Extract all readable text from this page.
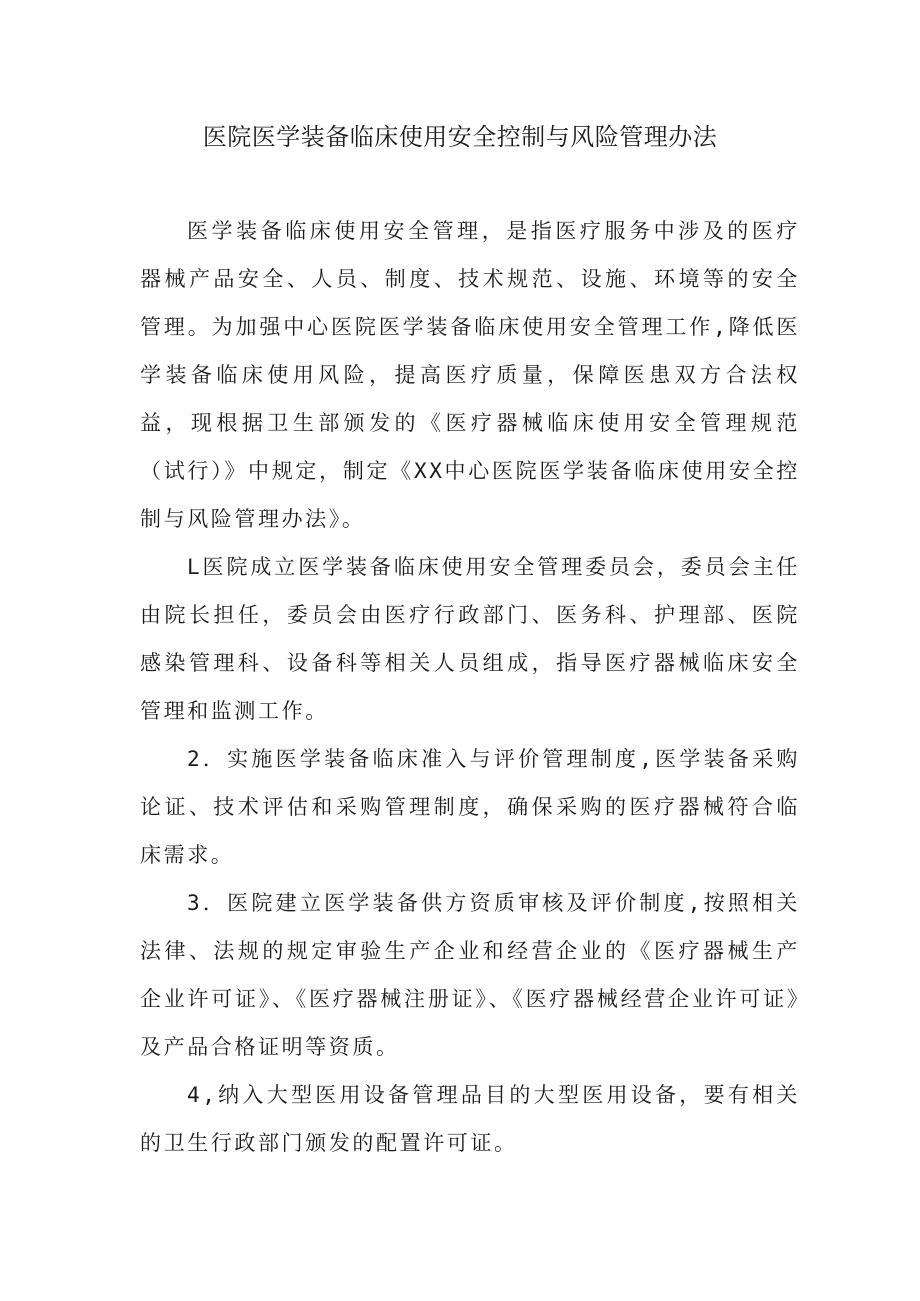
医院医学装备临床使用安全控制与风险管理办法

医学装备临床使用安全管理，是指医疗服务中涉及的医疗器械产品安全、人员、制度、技术规范、设施、环境等的安全管理。为加强中心医院医学装备临床使用安全管理工作,降低医学装备临床使用风险，提高医疗质量，保障医患双方合法权益，现根据卫生部颁发的《医疗器械临床使用安全管理规范（试行）》中规定，制定《XX中心医院医学装备临床使用安全控制与风险管理办法》。

L医院成立医学装备临床使用安全管理委员会，委员会主任由院长担任，委员会由医疗行政部门、医务科、护理部、医院感染管理科、设备科等相关人员组成，指导医疗器械临床安全管理和监测工作。

2．实施医学装备临床准入与评价管理制度,医学装备采购论证、技术评估和采购管理制度，确保采购的医疗器械符合临床需求。

3．医院建立医学装备供方资质审核及评价制度,按照相关法律、法规的规定审验生产企业和经营企业的《医疗器械生产企业许可证》、《医疗器械注册证》、《医疗器械经营企业许可证》及产品合格证明等资质。

4,纳入大型医用设备管理品目的大型医用设备，要有相关的卫生行政部门颁发的配置许可证。
